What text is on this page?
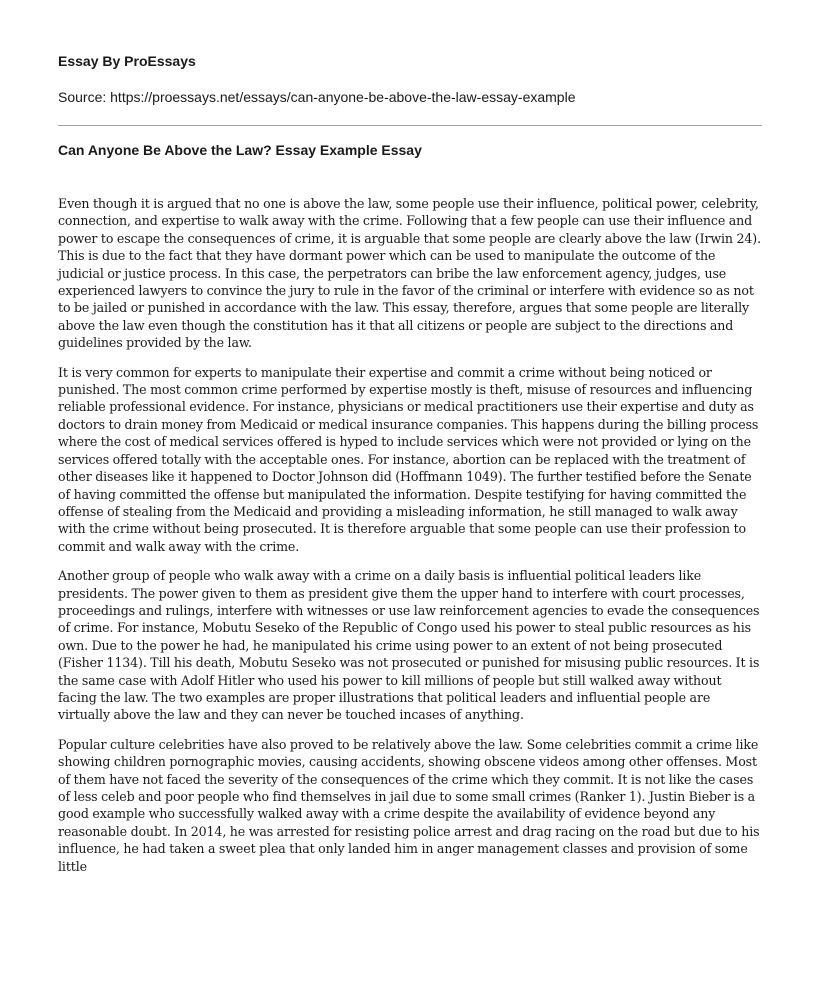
Essay By ProEssays

Source: https://proessays.net/essays/can-anyone-be-above-the-law-essay-example

Can Anyone Be Above the Law? Essay Example Essay

Even though it is argued that no one is above the law, some people use their influence, political power, celebrity, connection, and expertise to walk away with the crime. Following that a few people can use their influence and power to escape the consequences of crime, it is arguable that some people are clearly above the law (Irwin 24). This is due to the fact that they have dormant power which can be used to manipulate the outcome of the judicial or justice process. In this case, the perpetrators can bribe the law enforcement agency, judges, use experienced lawyers to convince the jury to rule in the favor of the criminal or interfere with evidence so as not to be jailed or punished in accordance with the law. This essay, therefore, argues that some people are literally above the law even though the constitution has it that all citizens or people are subject to the directions and guidelines provided by the law.

It is very common for experts to manipulate their expertise and commit a crime without being noticed or punished. The most common crime performed by expertise mostly is theft, misuse of resources and influencing reliable professional evidence. For instance, physicians or medical practitioners use their expertise and duty as doctors to drain money from Medicaid or medical insurance companies. This happens during the billing process where the cost of medical services offered is hyped to include services which were not provided or lying on the services offered totally with the acceptable ones. For instance, abortion can be replaced with the treatment of other diseases like it happened to Doctor Johnson did (Hoffmann 1049). The further testified before the Senate of having committed the offense but manipulated the information. Despite testifying for having committed the offense of stealing from the Medicaid and providing a misleading information, he still managed to walk away with the crime without being prosecuted. It is therefore arguable that some people can use their profession to commit and walk away with the crime.

Another group of people who walk away with a crime on a daily basis is influential political leaders like presidents. The power given to them as president give them the upper hand to interfere with court processes, proceedings and rulings, interfere with witnesses or use law reinforcement agencies to evade the consequences of crime. For instance, Mobutu Seseko of the Republic of Congo used his power to steal public resources as his own. Due to the power he had, he manipulated his crime using power to an extent of not being prosecuted (Fisher 1134). Till his death, Mobutu Seseko was not prosecuted or punished for misusing public resources. It is the same case with Adolf Hitler who used his power to kill millions of people but still walked away without facing the law. The two examples are proper illustrations that political leaders and influential people are virtually above the law and they can never be touched incases of anything.

Popular culture celebrities have also proved to be relatively above the law. Some celebrities commit a crime like showing children pornographic movies, causing accidents, showing obscene videos among other offenses. Most of them have not faced the severity of the consequences of the crime which they commit. It is not like the cases of less celeb and poor people who find themselves in jail due to some small crimes (Ranker 1). Justin Bieber is a good example who successfully walked away with a crime despite the availability of evidence beyond any reasonable doubt. In 2014, he was arrested for resisting police arrest and drag racing on the road but due to his influence, he had taken a sweet plea that only landed him in anger management classes and provision of some little
